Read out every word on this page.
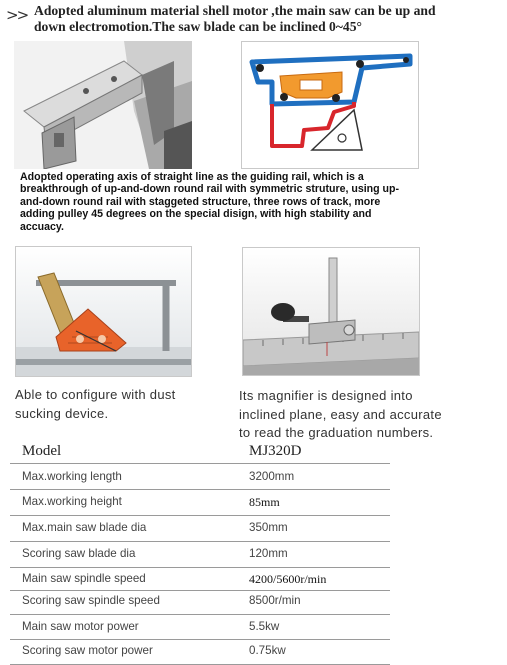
>> Adopted aluminum material shell motor ,the main saw can be up and
down electromotion.The saw blade can be inclined 0~45°
Adopted operating axis of straight line as the guiding rail, which is a breakthrough of up-and-down round rail with symmetric struture, using up-and-down round rail with staggeted structure, three rows of track, more adding pulley 45 degrees on the special disign, with high stability and accuacy.
Able to configure with dust
sucking device.
Its magnifier is designed into
inclined plane, easy and accurate
to read the graduation numbers.
Model	MJ320D
Max.working length	3200mm
Max.working height	85mm
Max.main saw blade dia	350mm
Scoring saw blade dia	120mm
Main saw spindle speed	4200/5600r/min
Scoring saw spindle speed	8500r/min
Main saw motor power	5.5kw
Scoring saw motor power	0.75kw
